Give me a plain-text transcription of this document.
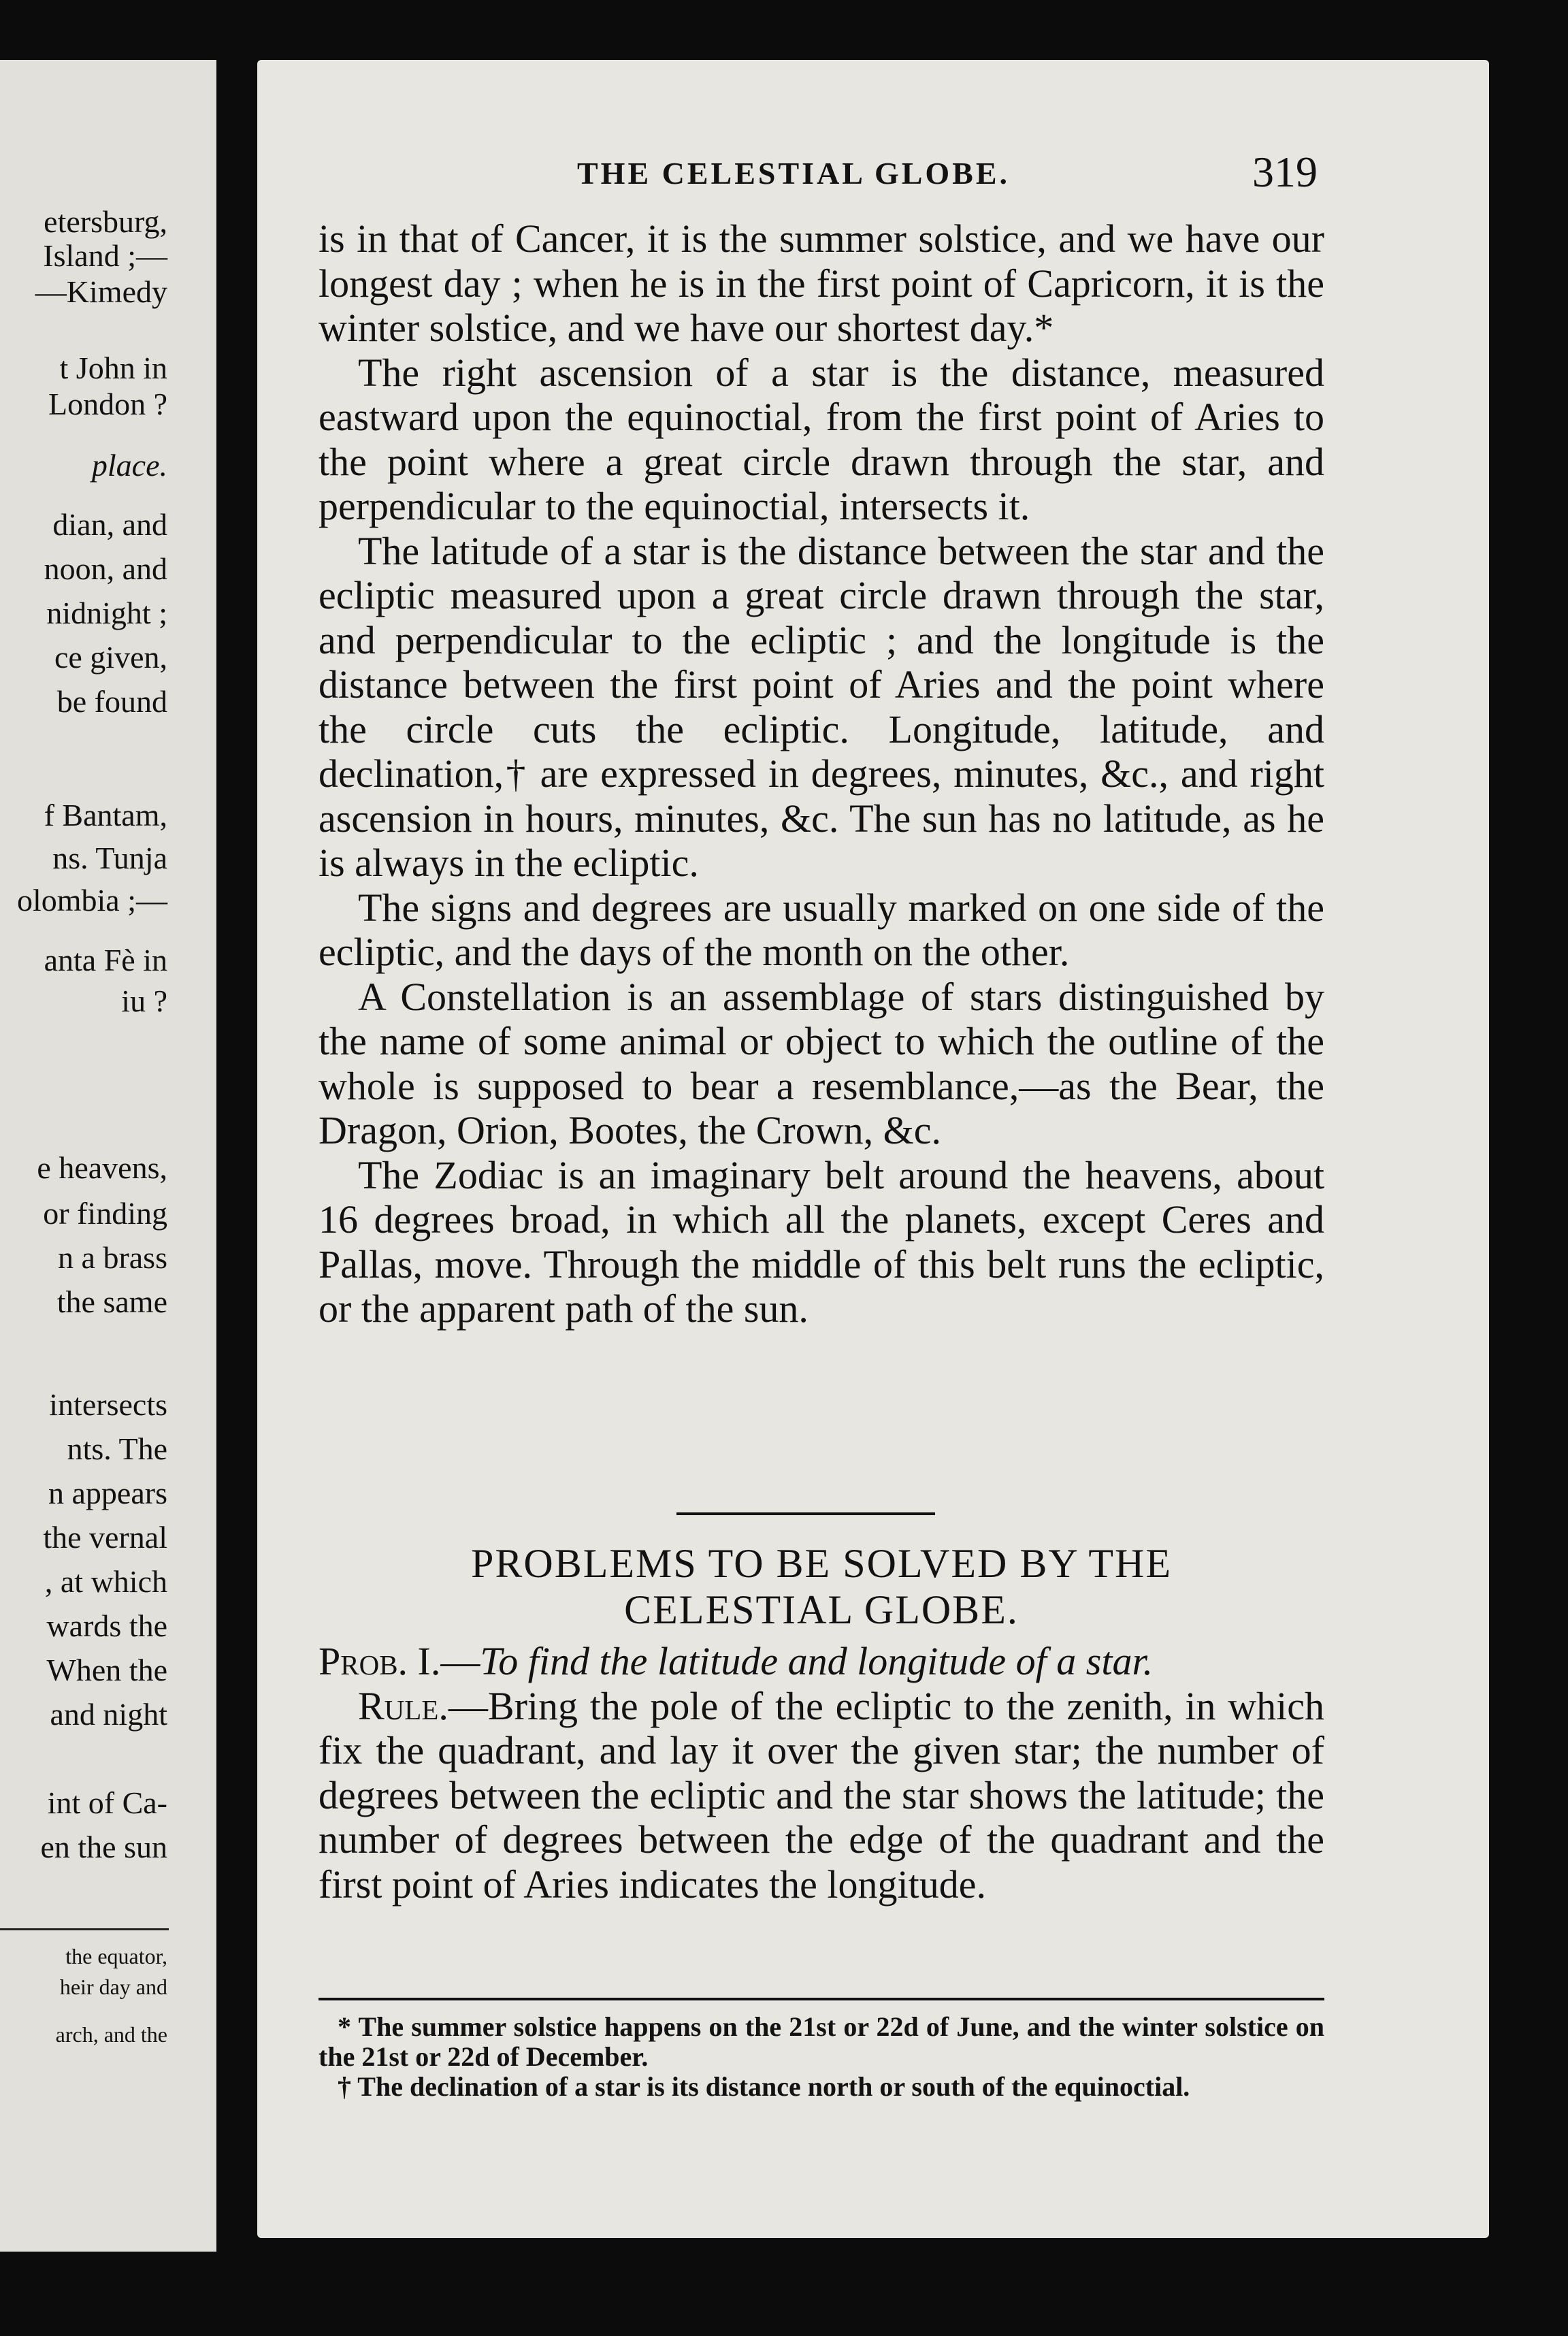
etersburg,
Island ;—
—Kimedy
t John in
London ?
place.
dian, and
noon, and
nidnight ;
ce given,
be found
f Bantam,
ns. Tunja
olombia ;—
anta Fè in
iu ?
e heavens,
or finding
n a brass
the same
intersects
nts. The
n appears
the vernal
, at which
wards the
When the
and night
int of Ca-
en the sun
the equator,
heir day and
arch, and the
THE CELESTIAL GLOBE.	319

is in that of Cancer, it is the summer solstice, and we have our longest day ; when he is in the first point of Capricorn, it is the winter solstice, and we have our shortest day.*

The right ascension of a star is the distance, measured eastward upon the equinoctial, from the first point of Aries to the point where a great circle drawn through the star, and perpendicular to the equinoctial, intersects it.

The latitude of a star is the distance between the star and the ecliptic measured upon a great circle drawn through the star, and perpendicular to the ecliptic ; and the longitude is the distance between the first point of Aries and the point where the circle cuts the ecliptic. Longitude, latitude, and declination,† are expressed in degrees, minutes, &c., and right ascension in hours, minutes, &c. The sun has no latitude, as he is always in the ecliptic.

The signs and degrees are usually marked on one side of the ecliptic, and the days of the month on the other.

A Constellation is an assemblage of stars distinguished by the name of some animal or object to which the outline of the whole is supposed to bear a resemblance,—as the Bear, the Dragon, Orion, Bootes, the Crown, &c.

The Zodiac is an imaginary belt around the heavens, about 16 degrees broad, in which all the planets, except Ceres and Pallas, move. Through the middle of this belt runs the ecliptic, or the apparent path of the sun.

PROBLEMS TO BE SOLVED BY THE
CELESTIAL GLOBE.

Prob. I.—To find the latitude and longitude of a star.

Rule.—Bring the pole of the ecliptic to the zenith, in which fix the quadrant, and lay it over the given star; the number of degrees between the ecliptic and the star shows the latitude; the number of degrees between the edge of the quadrant and the first point of Aries indicates the longitude.

* The summer solstice happens on the 21st or 22d of June, and the winter solstice on the 21st or 22d of December.

† The declination of a star is its distance north or south of the equinoctial.
